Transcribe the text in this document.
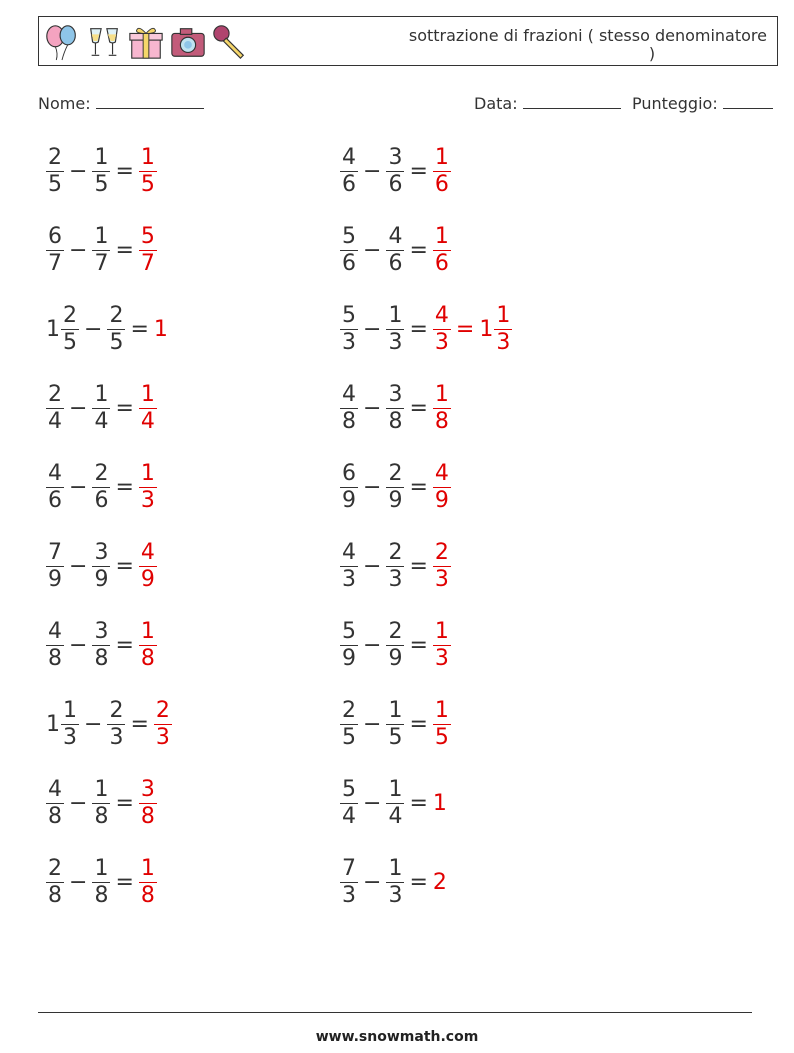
sottrazione di frazioni ( stesso denominatore
)
Nome:	Data:	Punteggio:
$\frac{2}{5} - \frac{1}{5} = \frac{1}{5}$	$\frac{4}{6} - \frac{3}{6} = \frac{1}{6}$
$\frac{6}{7} - \frac{1}{7} = \frac{5}{7}$	$\frac{5}{6} - \frac{4}{6} = \frac{1}{6}$
$1 \frac{2}{5} - \frac{2}{5} = 1$	$\frac{5}{3} - \frac{1}{3} = \frac{4}{3} = 1 \frac{1}{3}$
$\frac{2}{4} - \frac{1}{4} = \frac{1}{4}$	$\frac{4}{8} - \frac{3}{8} = \frac{1}{8}$
$\frac{4}{6} - \frac{2}{6} = \frac{1}{3}$	$\frac{6}{9} - \frac{2}{9} = \frac{4}{9}$
$\frac{7}{9} - \frac{3}{9} = \frac{4}{9}$	$\frac{4}{3} - \frac{2}{3} = \frac{2}{3}$
$\frac{4}{8} - \frac{3}{8} = \frac{1}{8}$	$\frac{5}{9} - \frac{2}{9} = \frac{1}{3}$
$1 \frac{1}{3} - \frac{2}{3} = \frac{2}{3}$	$\frac{2}{5} - \frac{1}{5} = \frac{1}{5}$
$\frac{4}{8} - \frac{1}{8} = \frac{3}{8}$	$\frac{5}{4} - \frac{1}{4} = 1$
$\frac{2}{8} - \frac{1}{8} = \frac{1}{8}$	$\frac{7}{3} - \frac{1}{3} = 2$
www.snowmath.com
